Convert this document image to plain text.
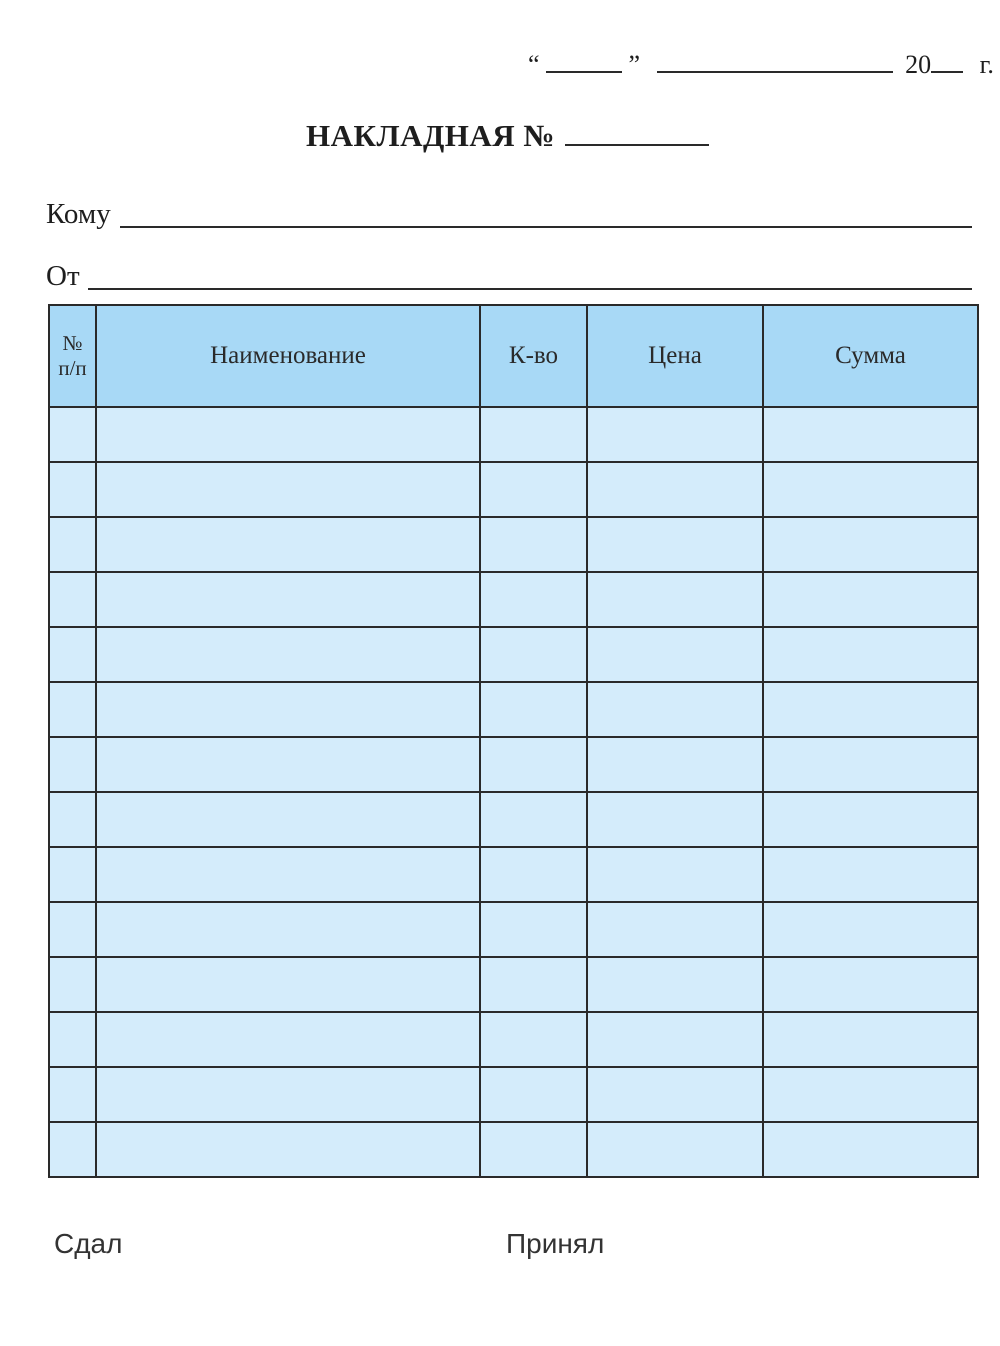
“	”	20 г.
НАКЛАДНАЯ №
Кому
От
№
п/п	Наименование	К-во	Цена	Сумма

Сдал	Принял
